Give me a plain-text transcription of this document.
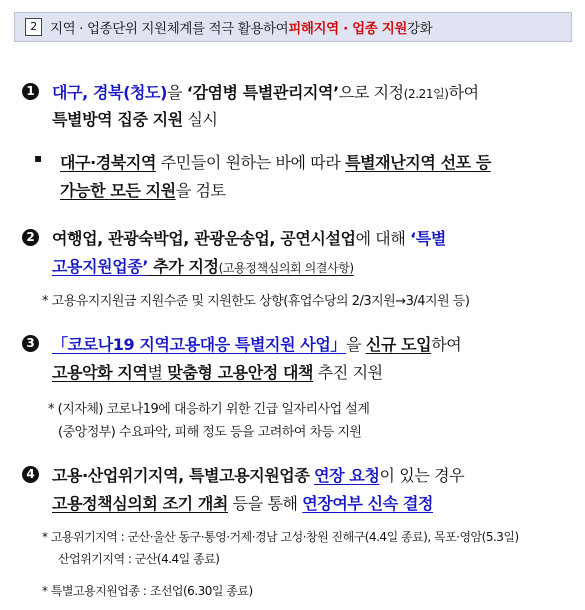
2 지역 · 업종단위 지원체계를 적극 활용하여 피해지역 · 업종 지원 강화
1 대구, 경북(청도)을 ‘감염병 특별관리지역’으로 지정(2.21일)하여
특별방역 집중 지원 실시
▪ 대구·경북지역 주민들이 원하는 바에 따라 특별재난지역 선포 등
가능한 모든 지원을 검토
2 여행업, 관광숙박업, 관광운송업, 공연시설업에 대해 ‘특별
고용지원업종’ 추가 지정(고용정책심의회 의결사항)
* 고용유지지원금 지원수준 및 지원한도 상향(휴업수당의 2/3지원→3/4지원 등)
3 「코로나19 지역고용대응 특별지원 사업」을 신규 도입하여
고용악화 지역별 맞춤형 고용안정 대책 추진 지원
* (지자체) 코로나19에 대응하기 위한 긴급 일자리사업 설계
(중앙정부) 수요파악, 피해 정도 등을 고려하여 차등 지원
4 고용·산업위기지역, 특별고용지원업종 연장 요청이 있는 경우
고용정책심의회 조기 개최 등을 통해 연장여부 신속 결정
* 고용위기지역 : 군산·울산 동구·통영·거제·경남 고성·창원 진해구(4.4일 종료), 목포·영암(5.3일)
산업위기지역 : 군산(4.4일 종료)
* 특별고용지원업종 : 조선업(6.30일 종료)
